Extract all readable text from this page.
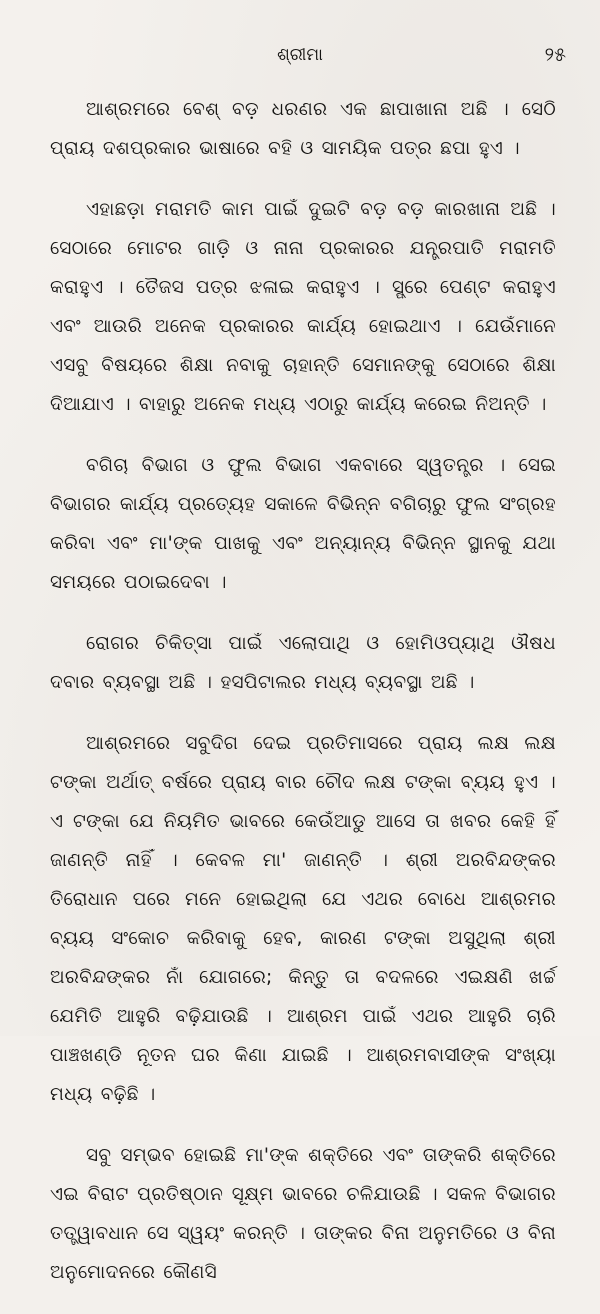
ଶ୍ରୀମା	୨୫

ଆଶ୍ରମରେ ବେଶ୍ ବଡ଼ ଧରଣର ଏକ ଛାପାଖାନା ଅଛି । ସେଠି ପ୍ରାୟ ଦଶପ୍ରକାର ଭାଷାରେ ବହି ଓ ସାମୟିକ ପତ୍ର ଛପା ହୁଏ ।

ଏହାଛଡ଼ା ମରାମତି କାମ ପାଇଁ ଦୁଇଟି ବଡ଼ ବଡ଼ କାରଖାନା ଅଛି । ସେଠାରେ ମୋଟର ଗାଡ଼ି ଓ ନାନା ପ୍ରକାରର ଯନ୍ତ୍ରପାତି ମରାମତି କରାହୁଏ । ତୈଜସ ପତ୍ର ଝଳାଇ କରାହୁଏ । ସ୍ପ୍ରେ ପେଣ୍ଟ କରାହୁଏ ଏବଂ ଆଉରି ଅନେକ ପ୍ରକାରର କାର୍ଯ୍ୟ ହୋଇଥାଏ । ଯେଉଁମାନେ ଏସବୁ ବିଷୟରେ ଶିକ୍ଷା ନବାକୁ ଚାହାନ୍ତି ସେମାନଙ୍କୁ ସେଠାରେ ଶିକ୍ଷା ଦିଆଯାଏ । ବାହାରୁ ଅନେକ ମଧ୍ୟ ଏଠାରୁ କାର୍ଯ୍ୟ କରେଇ ନିଅନ୍ତି ।

ବଗିଚା ବିଭାଗ ଓ ଫୁଲ ବିଭାଗ ଏକବାରେ ସ୍ୱତନ୍ତ୍ର । ସେଇ ବିଭାଗର କାର୍ଯ୍ୟ ପ୍ରତ୍ୟେହ ସକାଳେ ବିଭିନ୍ନ ବଗିଚାରୁ ଫୁଲ ସଂଗ୍ରହ କରିବା ଏବଂ ମା'ଙ୍କ ପାଖକୁ ଏବଂ ଅନ୍ୟାନ୍ୟ ବିଭିନ୍ନ ସ୍ଥାନକୁ ଯଥା ସମୟରେ ପଠାଇଦେବା ।

ରୋଗର ଚିକିତ୍ସା ପାଇଁ ଏଲୋପାଥି ଓ ହୋମିଓପ୍ୟାଥି ଔଷଧ ଦବାର ବ୍ୟବସ୍ଥା ଅଛି । ହସପିଟାଲର ମଧ୍ୟ ବ୍ୟବସ୍ଥା ଅଛି ।

ଆଶ୍ରମରେ ସବୁଦିଗ ଦେଇ ପ୍ରତିମାସରେ ପ୍ରାୟ ଲକ୍ଷ ଲକ୍ଷ ଟଙ୍କା ଅର୍ଥାତ୍ ବର୍ଷରେ ପ୍ରାୟ ବାର ଚୌଦ ଲକ୍ଷ ଟଙ୍କା ବ୍ୟୟ ହୁଏ । ଏ ଟଙ୍କା ଯେ ନିୟମିତ ଭାବରେ କେଉଁଆଡୁ ଆସେ ତା ଖବର କେହି ହିଁ ଜାଣନ୍ତି ନାହିଁ । କେବଳ ମା' ଜାଣନ୍ତି । ଶ୍ରୀ ଅରବିନ୍ଦଙ୍କର ତିରୋଧାନ ପରେ ମନେ ହୋଇଥିଲା ଯେ ଏଥର ବୋଧେ ଆଶ୍ରମର ବ୍ୟୟ ସଂକୋଚ କରିବାକୁ ହେବ, କାରଣ ଟଙ୍କା ଅସୁଥିଲା ଶ୍ରୀ ଅରବିନ୍ଦଙ୍କର ନାଁ ଯୋଗରେ; କିନ୍ତୁ ତା ବଦଳରେ ଏଇକ୍ଷଣି ଖର୍ଚ୍ଚ ଯେମିତି ଆହୁରି ବଢ଼ିଯାଉଛି । ଆଶ୍ରମ ପାଇଁ ଏଥର ଆହୁରି ଚାରି ପାଞ୍ଚଖଣ୍ଡି ନୂତନ ଘର କିଣା ଯାଇଛି । ଆଶ୍ରମବାସୀଙ୍କ ସଂଖ୍ୟା ମଧ୍ୟ ବଢ଼ିଛି ।

ସବୁ ସମ୍ଭବ ହୋଇଛି ମା'ଙ୍କ ଶକ୍ତିରେ ଏବଂ ତାଙ୍କରି ଶକ୍ତିରେ ଏଇ ବିରାଟ ପ୍ରତିଷ୍ଠାନ ସୂକ୍ଷ୍ମ ଭାବରେ ଚଳିଯାଉଛି । ସକଳ ବିଭାଗର ତତ୍ତ୍ୱାବଧାନ ସେ ସ୍ୱୟଂ କରନ୍ତି । ତାଙ୍କର ବିନା ଅନୁମତିରେ ଓ ବିନା ଅନୁମୋଦନରେ କୌଣସି
